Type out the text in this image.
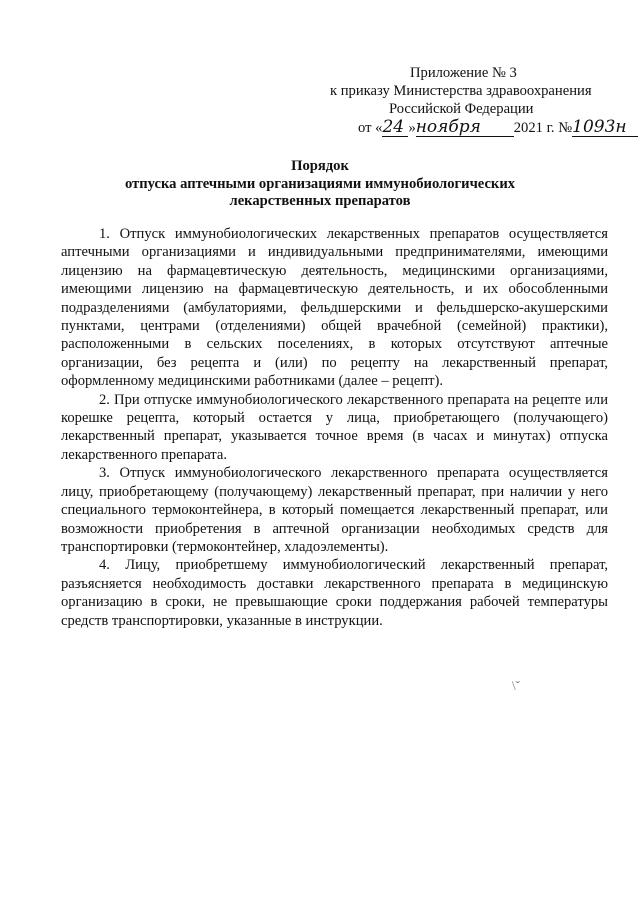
Приложение № 3
к приказу Министерства здравоохранения
Российской Федерации
от «24 »ноября 2021 г. №1093н
Порядок
отпуска аптечными организациями иммунобиологических
лекарственных препаратов

1. Отпуск иммунобиологических лекарственных препаратов осуществляется аптечными организациями и индивидуальными предпринимателями, имеющими лицензию на фармацевтическую деятельность, медицинскими организациями, имеющими лицензию на фармацевтическую деятельность, и их обособленными подразделениями (амбулаториями, фельдшерскими и фельдшерско-акушерскими пунктами, центрами (отделениями) общей врачебной (семейной) практики), расположенными в сельских поселениях, в которых отсутствуют аптечные организации, без рецепта и (или) по рецепту на лекарственный препарат, оформленному медицинскими работниками (далее – рецепт).

2. При отпуске иммунобиологического лекарственного препарата на рецепте или корешке рецепта, который остается у лица, приобретающего (получающего) лекарственный препарат, указывается точное время (в часах и минутах) отпуска лекарственного препарата.

3. Отпуск иммунобиологического лекарственного препарата осуществляется лицу, приобретающему (получающему) лекарственный препарат, при наличии у него специального термоконтейнера, в который помещается лекарственный препарат, или возможности приобретения в аптечной организации необходимых средств для транспортировки (термоконтейнер, хладоэлементы).

4. Лицу, приобретшему иммунобиологический лекарственный препарат, разъясняется необходимость доставки лекарственного препарата в медицинскую организацию в сроки, не превышающие сроки поддержания рабочей температуры средств транспортировки, указанные в инструкции.

\ˇ
